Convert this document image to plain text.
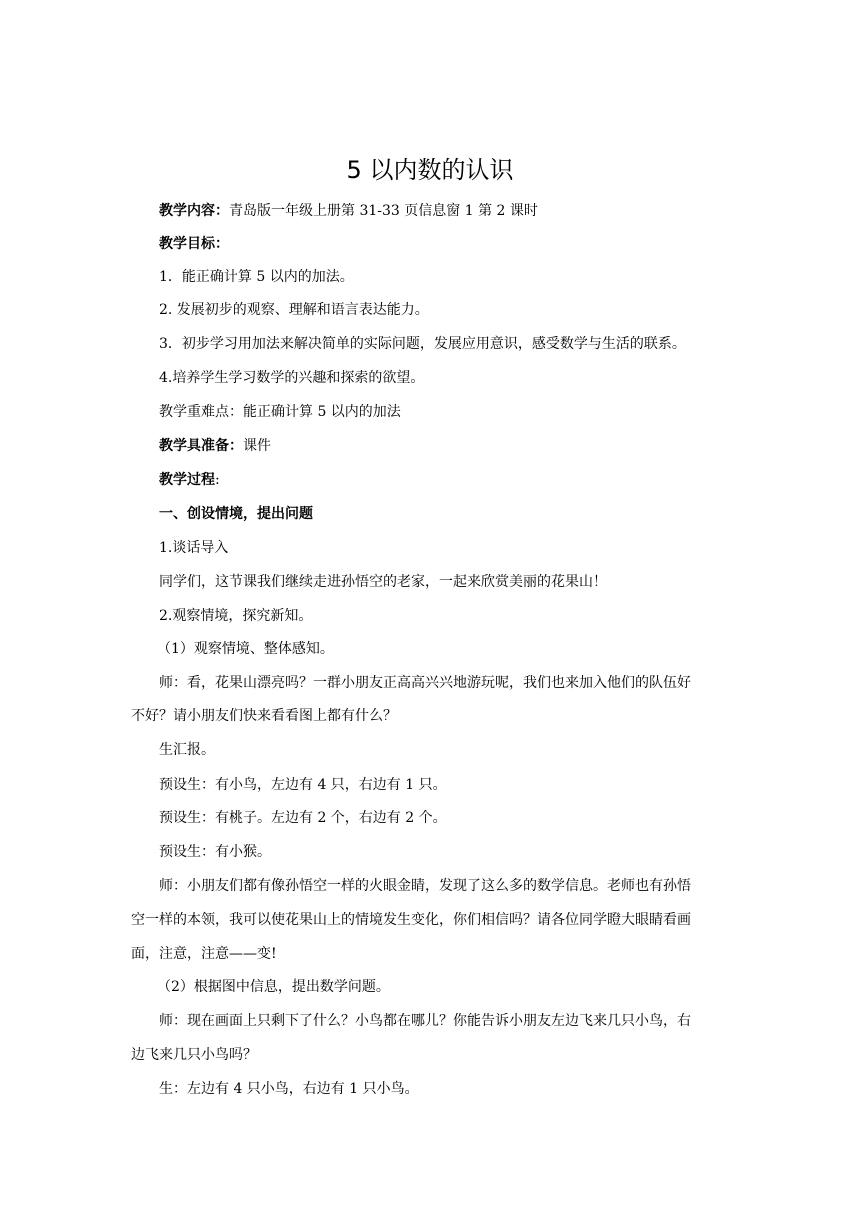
5 以内数的认识

教学内容：青岛版一年级上册第 31-33 页信息窗 1 第 2 课时

教学目标：

1．能正确计算 5 以内的加法。

2. 发展初步的观察、理解和语言表达能力。

3．初步学习用加法来解决简单的实际问题，发展应用意识，感受数学与生活的联系。

4.培养学生学习数学的兴趣和探索的欲望。

教学重难点：能正确计算 5 以内的加法

教学具准备：课件

教学过程:

一、创设情境，提出问题

1.谈话导入

同学们，这节课我们继续走进孙悟空的老家，一起来欣赏美丽的花果山！

2.观察情境，探究新知。

（1）观察情境、整体感知。

师：看，花果山漂亮吗？一群小朋友正高高兴兴地游玩呢，我们也来加入他们的队伍好

不好？请小朋友们快来看看图上都有什么？

生汇报。

预设生：有小鸟，左边有 4 只，右边有 1 只。

预设生：有桃子。左边有 2 个，右边有 2 个。

预设生：有小猴。

师：小朋友们都有像孙悟空一样的火眼金睛，发现了这么多的数学信息。老师也有孙悟

空一样的本领，我可以使花果山上的情境发生变化，你们相信吗？请各位同学瞪大眼睛看画

面，注意，注意——变!

（2）根据图中信息，提出数学问题。

师：现在画面上只剩下了什么？小鸟都在哪儿？你能告诉小朋友左边飞来几只小鸟，右

边飞来几只小鸟吗？

生：左边有 4 只小鸟，右边有 1 只小鸟。
